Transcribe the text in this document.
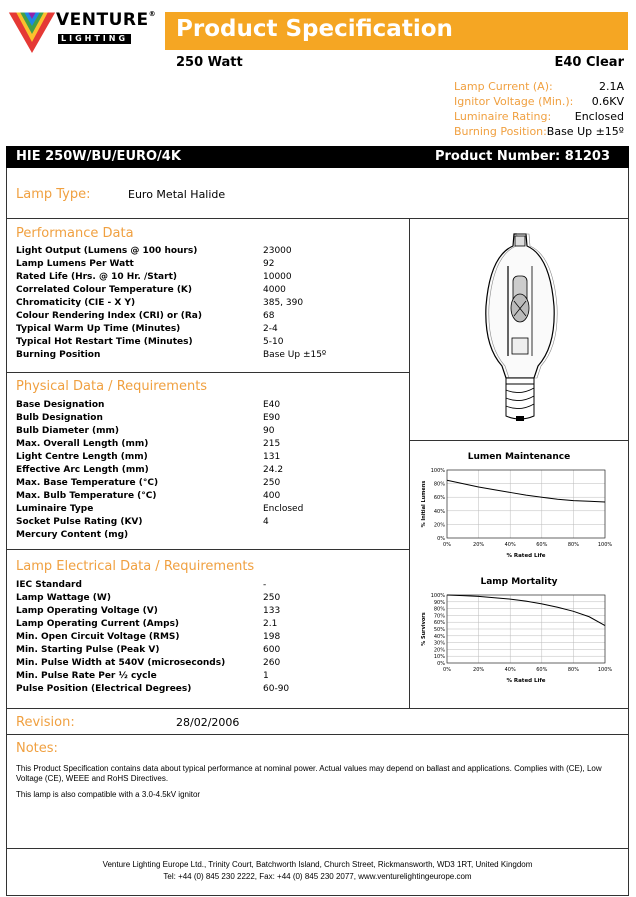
VENTURE®
LIGHTING Product Specification
250 Watt	E40 Clear
Lamp Current (A):	2.1A
Ignitor Voltage (Min.): 0.6KV
Luminaire Rating: Enclosed
Burning Position: Base Up ±15º
HIE 250W/BU/EURO/4K	Product Number: 81203
Lamp Type:	Euro Metal Halide
Performance Data
Light Output (Lumens @ 100 hours)	23000
Lamp Lumens Per Watt	92
Rated Life (Hrs. @ 10 Hr. /Start)	10000
Correlated Colour Temperature (K)	4000
Chromaticity (CIE - X Y)	385, 390
Colour Rendering Index (CRI) or (Ra)	68
Typical Warm Up Time (Minutes)	2-4
Typical Hot Restart Time (Minutes)	5-10
Burning Position	Base Up ±15º
Physical Data / Requirements
Base Designation	E40
Bulb Designation	E90
Bulb Diameter (mm)	90
Max. Overall Length (mm)	215
Light Centre Length (mm)	131
Effective Arc Length (mm)	24.2
Max. Base Temperature (°C)	250
Max. Bulb Temperature (°C)	400
Luminaire Type	Enclosed
Socket Pulse Rating (KV)	4
Mercury Content (mg)
Lamp Electrical Data / Requirements
IEC Standard	-
Lamp Wattage (W)	250
Lamp Operating Voltage (V)	133
Lamp Operating Current (Amps)	2.1
Min. Open Circuit Voltage (RMS)	198
Min. Starting Pulse (Peak V)	600
Min. Pulse Width at 540V (microseconds)	260
Min. Pulse Rate Per ½ cycle	1
Pulse Position (Electrical Degrees)	60-90
Lumen Maintenance
100%
80%
60%
40%
20%
0%
0%	20%	40%	60%	80%	100%
% Rated Life
% Initial Lumens
Lamp Mortality
100%
90%
80%
70%
60%
50%
40%
30%
20%
10%
0%
0%	20%	40%	60%	80%	100%
% Rated Life
% Survivors
Revision:	28/02/2006
Notes:
This Product Specification contains data about typical performance at nominal power. Actual values may depend on ballast and applications. Complies with (CE), Low Voltage (CE), WEEE and RoHS Directives.
This lamp is also compatible with a 3.0-4.5kV ignitor
Venture Lighting Europe Ltd., Trinity Court, Batchworth Island, Church Street, Rickmansworth, WD3 1RT, United Kingdom
Tel: +44 (0) 845 230 2222, Fax: +44 (0) 845 230 2077, www.venturelightingeurope.com
